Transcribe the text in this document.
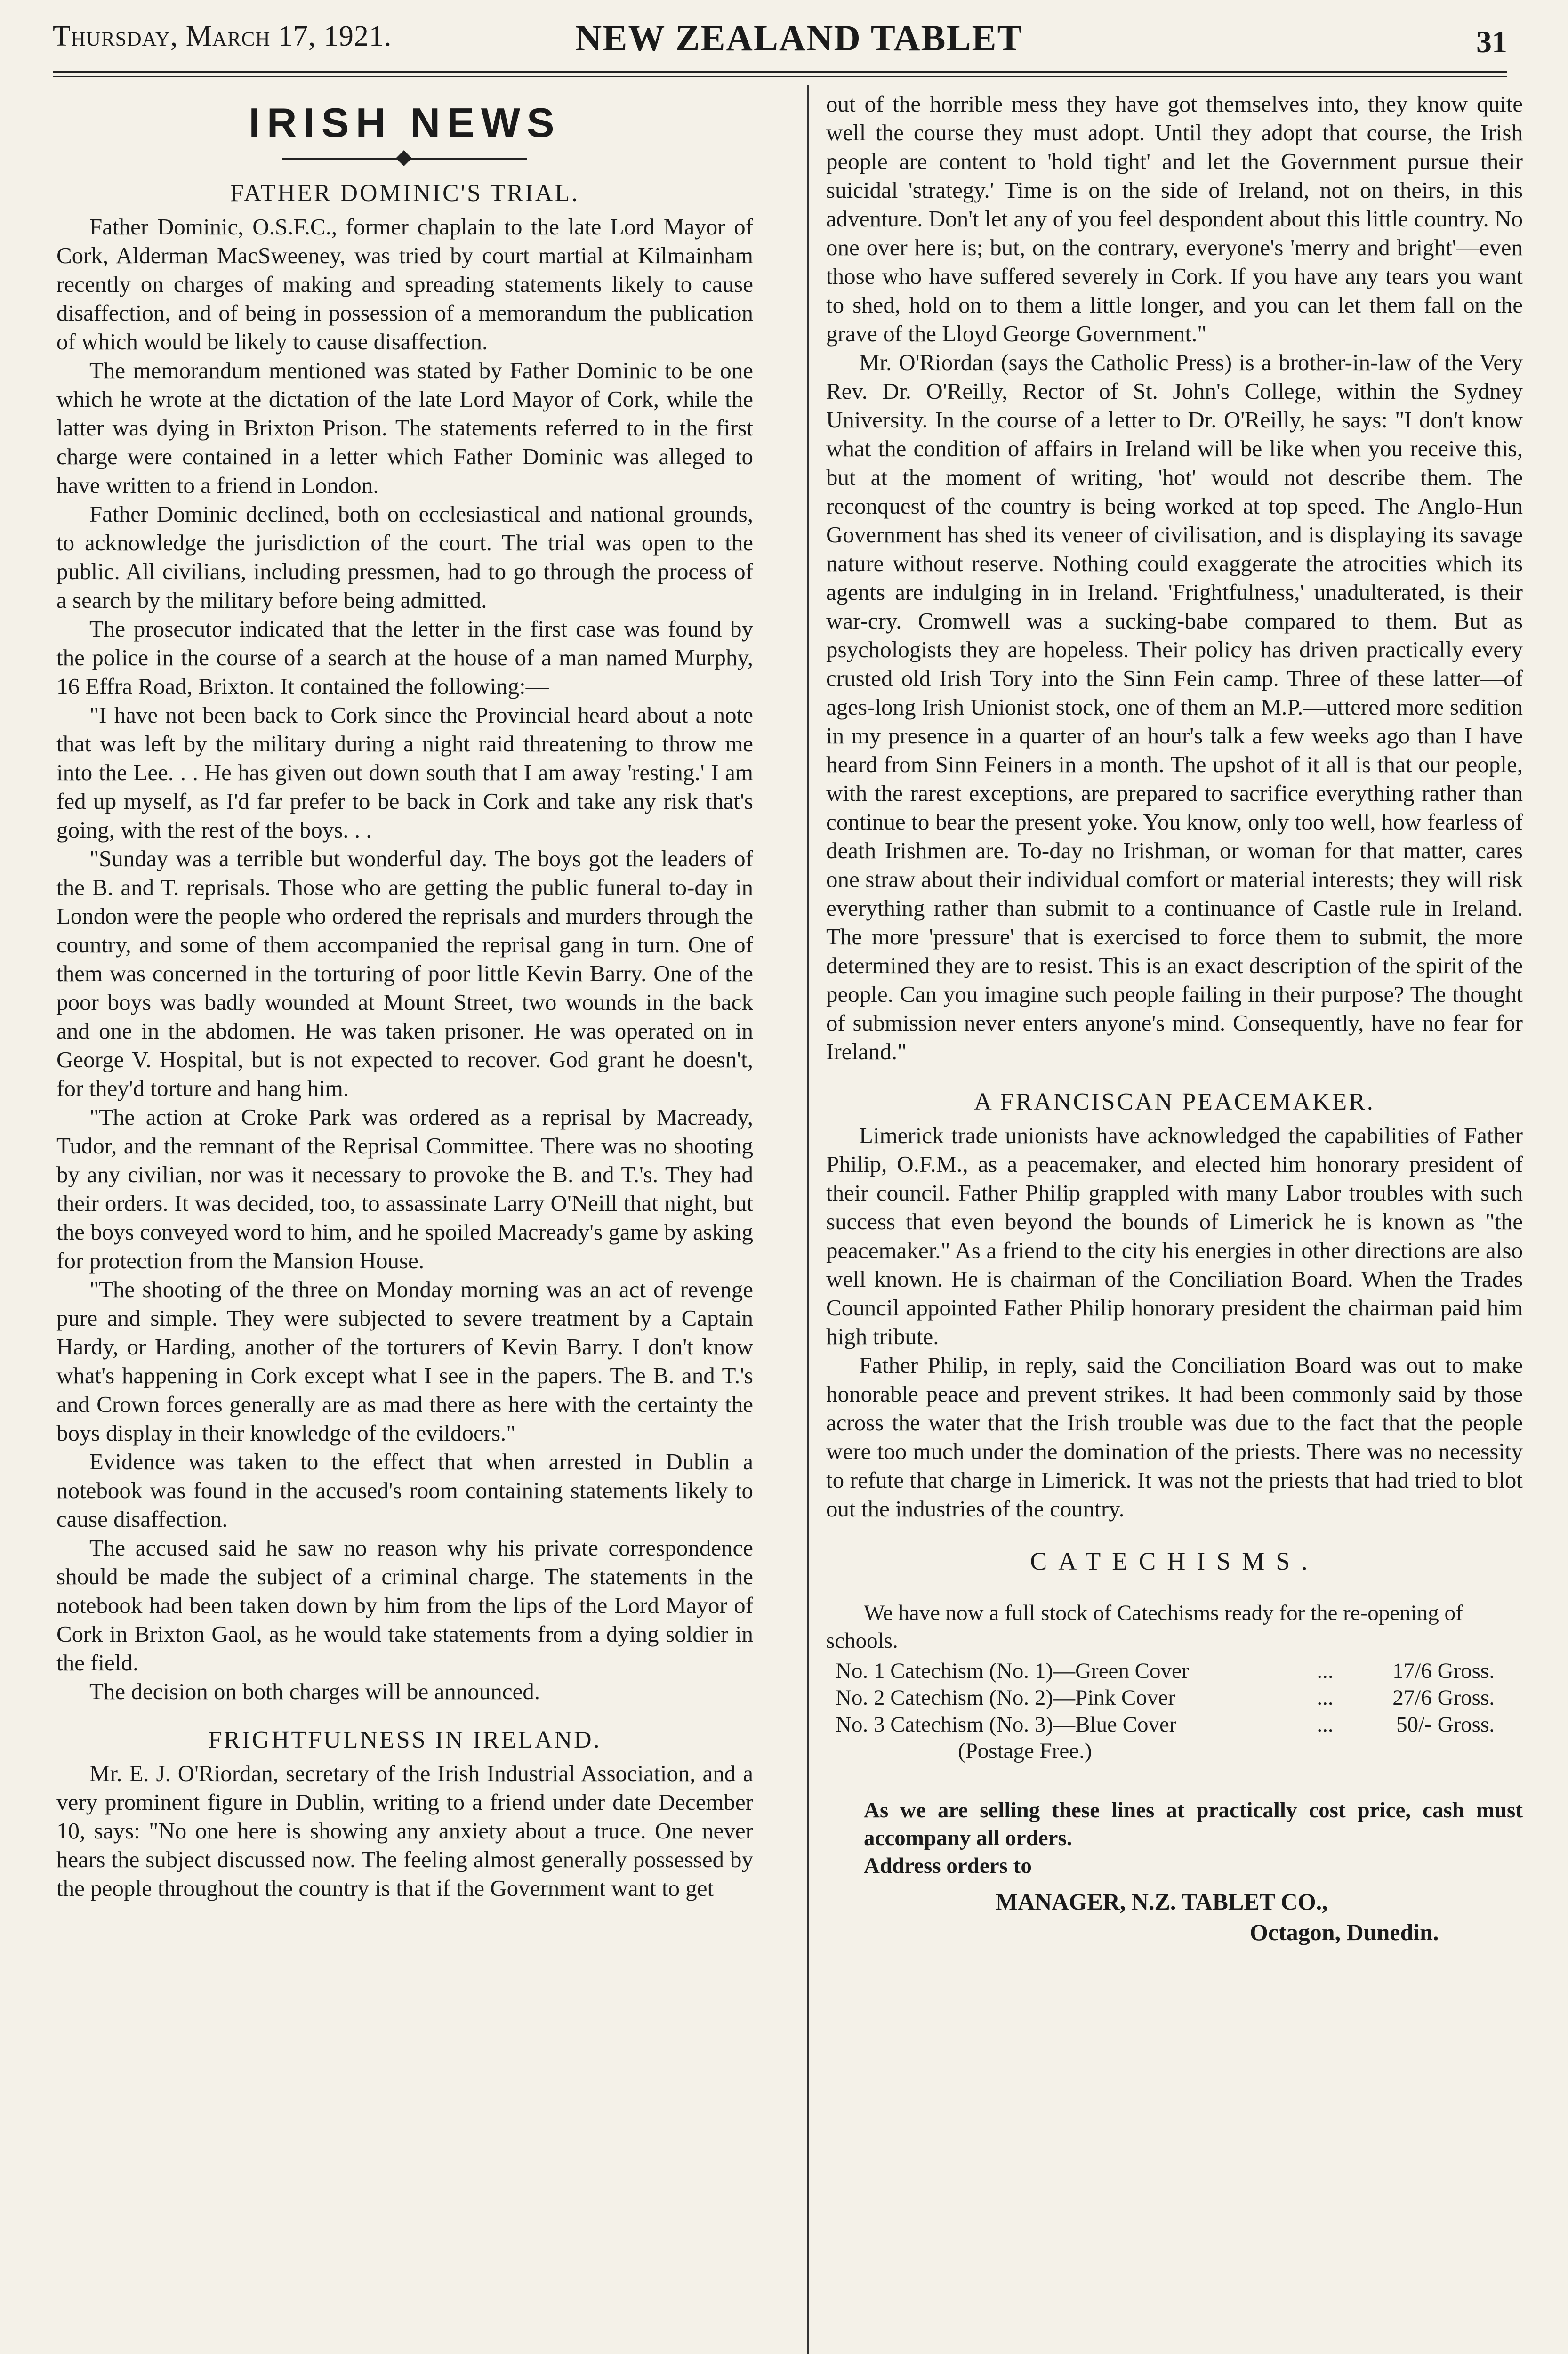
Thursday, March 17, 1921.	NEW ZEALAND TABLET	31
IRISH NEWS
FATHER DOMINIC'S TRIAL.

Father Dominic, O.S.F.C., former chaplain to the late Lord Mayor of Cork, Alderman MacSweeney, was tried by court martial at Kilmainham recently on charges of making and spreading statements likely to cause disaffection, and of being in possession of a memorandum the publication of which would be likely to cause disaffection.

The memorandum mentioned was stated by Father Dominic to be one which he wrote at the dictation of the late Lord Mayor of Cork, while the latter was dying in Brixton Prison. The statements referred to in the first charge were contained in a letter which Father Dominic was alleged to have written to a friend in London.

Father Dominic declined, both on ecclesiastical and national grounds, to acknowledge the jurisdiction of the court. The trial was open to the public. All civilians, including pressmen, had to go through the process of a search by the military before being admitted.

The prosecutor indicated that the letter in the first case was found by the police in the course of a search at the house of a man named Murphy, 16 Effra Road, Brixton. It contained the following:—

"I have not been back to Cork since the Provincial heard about a note that was left by the military during a night raid threatening to throw me into the Lee. . . He has given out down south that I am away 'resting.' I am fed up myself, as I'd far prefer to be back in Cork and take any risk that's going, with the rest of the boys. . .

"Sunday was a terrible but wonderful day. The boys got the leaders of the B. and T. reprisals. Those who are getting the public funeral to-day in London were the people who ordered the reprisals and murders through the country, and some of them accompanied the reprisal gang in turn. One of them was concerned in the torturing of poor little Kevin Barry. One of the poor boys was badly wounded at Mount Street, two wounds in the back and one in the abdomen. He was taken prisoner. He was operated on in George V. Hospital, but is not expected to recover. God grant he doesn't, for they'd torture and hang him.

"The action at Croke Park was ordered as a reprisal by Macready, Tudor, and the remnant of the Reprisal Committee. There was no shooting by any civilian, nor was it necessary to provoke the B. and T.'s. They had their orders. It was decided, too, to assassinate Larry O'Neill that night, but the boys conveyed word to him, and he spoiled Macready's game by asking for protection from the Mansion House.

"The shooting of the three on Monday morning was an act of revenge pure and simple. They were subjected to severe treatment by a Captain Hardy, or Harding, another of the torturers of Kevin Barry. I don't know what's happening in Cork except what I see in the papers. The B. and T.'s and Crown forces generally are as mad there as here with the certainty the boys display in their knowledge of the evildoers."

Evidence was taken to the effect that when arrested in Dublin a notebook was found in the accused's room containing statements likely to cause disaffection.

The accused said he saw no reason why his private correspondence should be made the subject of a criminal charge. The statements in the notebook had been taken down by him from the lips of the Lord Mayor of Cork in Brixton Gaol, as he would take statements from a dying soldier in the field.

The decision on both charges will be announced.

FRIGHTFULNESS IN IRELAND.

Mr. E. J. O'Riordan, secretary of the Irish Industrial Association, and a very prominent figure in Dublin, writing to a friend under date December 10, says: "No one here is showing any anxiety about a truce. One never hears the subject discussed now. The feeling almost generally possessed by the people throughout the country is that if the Government want to get

out of the horrible mess they have got themselves into, they know quite well the course they must adopt. Until they adopt that course, the Irish people are content to 'hold tight' and let the Government pursue their suicidal 'strategy.' Time is on the side of Ireland, not on theirs, in this adventure. Don't let any of you feel despondent about this little country. No one over here is; but, on the contrary, everyone's 'merry and bright'—even those who have suffered severely in Cork. If you have any tears you want to shed, hold on to them a little longer, and you can let them fall on the grave of the Lloyd George Government."

Mr. O'Riordan (says the Catholic Press) is a brother-in-law of the Very Rev. Dr. O'Reilly, Rector of St. John's College, within the Sydney University. In the course of a letter to Dr. O'Reilly, he says: "I don't know what the condition of affairs in Ireland will be like when you receive this, but at the moment of writing, 'hot' would not describe them. The reconquest of the country is being worked at top speed. The Anglo-Hun Government has shed its veneer of civilisation, and is displaying its savage nature without reserve. Nothing could exaggerate the atrocities which its agents are indulging in in Ireland. 'Frightfulness,' unadulterated, is their war-cry. Cromwell was a sucking-babe compared to them. But as psychologists they are hopeless. Their policy has driven practically every crusted old Irish Tory into the Sinn Fein camp. Three of these latter—of ages-long Irish Unionist stock, one of them an M.P.—uttered more sedition in my presence in a quarter of an hour's talk a few weeks ago than I have heard from Sinn Feiners in a month. The upshot of it all is that our people, with the rarest exceptions, are prepared to sacrifice everything rather than continue to bear the present yoke. You know, only too well, how fearless of death Irishmen are. To-day no Irishman, or woman for that matter, cares one straw about their individual comfort or material interests; they will risk everything rather than submit to a continuance of Castle rule in Ireland. The more 'pressure' that is exercised to force them to submit, the more determined they are to resist. This is an exact description of the spirit of the people. Can you imagine such people failing in their purpose? The thought of submission never enters anyone's mind. Consequently, have no fear for Ireland."

A FRANCISCAN PEACEMAKER.

Limerick trade unionists have acknowledged the capabilities of Father Philip, O.F.M., as a peacemaker, and elected him honorary president of their council. Father Philip grappled with many Labor troubles with such success that even beyond the bounds of Limerick he is known as "the peacemaker." As a friend to the city his energies in other directions are also well known. He is chairman of the Conciliation Board. When the Trades Council appointed Father Philip honorary president the chairman paid him high tribute.

Father Philip, in reply, said the Conciliation Board was out to make honorable peace and prevent strikes. It had been commonly said by those across the water that the Irish trouble was due to the fact that the people were too much under the domination of the priests. There was no necessity to refute that charge in Limerick. It was not the priests that had tried to blot out the industries of the country.

CATECHISMS.

We have now a full stock of Catechisms ready for the re-opening of schools.

No. 1 Catechism (No. 1)—Green Cover	...	17/6 Gross.
No. 2 Catechism (No. 2)—Pink Cover	...	27/6 Gross.
No. 3 Catechism (No. 3)—Blue Cover	...	50/- Gross.

(Postage Free.)

As we are selling these lines at practically cost price, cash must accompany all orders.
Address orders to
MANAGER, N.Z. TABLET CO.,
Octagon, Dunedin.
